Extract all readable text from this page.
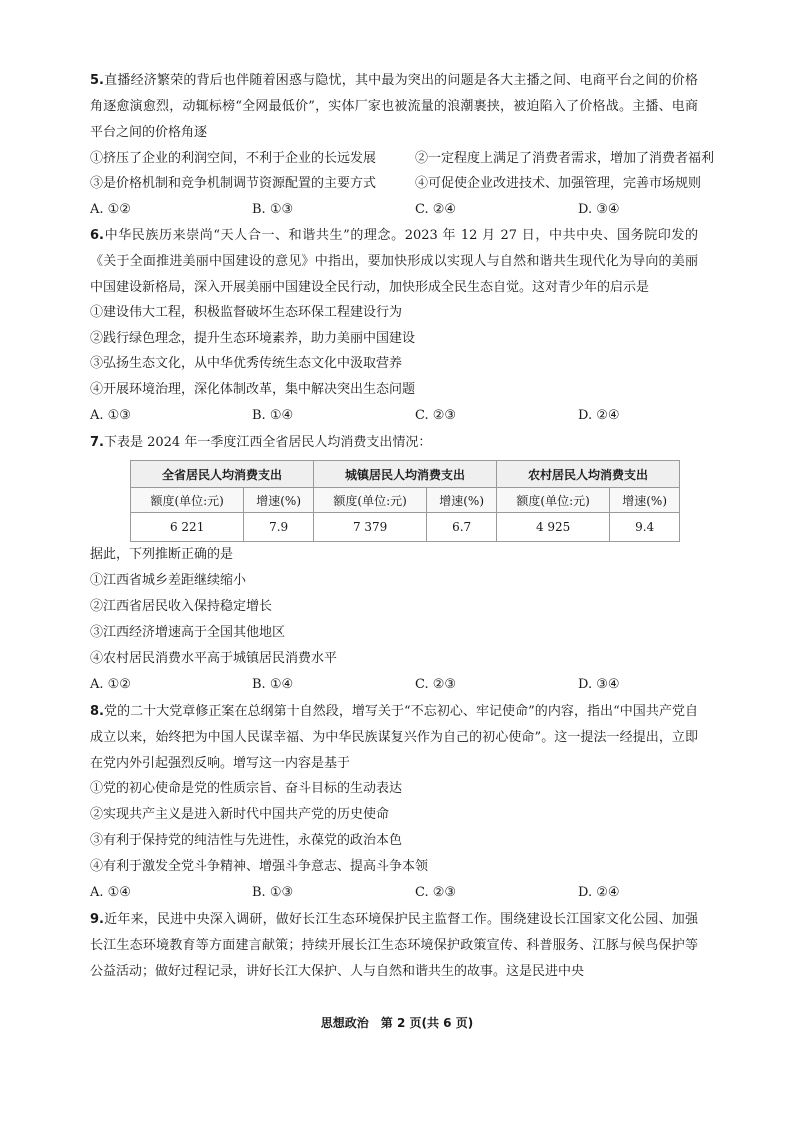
5.直播经济繁荣的背后也伴随着困惑与隐忧，其中最为突出的问题是各大主播之间、电商平台之间的价格角逐愈演愈烈，动辄标榜“全网最低价”，实体厂家也被流量的浪潮裹挟，被迫陷入了价格战。主播、电商平台之间的价格角逐
①挤压了企业的利润空间，不利于企业的长远发展	②一定程度上满足了消费者需求，增加了消费者福利
③是价格机制和竞争机制调节资源配置的主要方式	④可促使企业改进技术、加强管理，完善市场规则
A. ①②	B. ①③	C. ②④	D. ③④
6.中华民族历来崇尚“天人合一、和谐共生”的理念。2023 年 12 月 27 日，中共中央、国务院印发的《关于全面推进美丽中国建设的意见》中指出，要加快形成以实现人与自然和谐共生现代化为导向的美丽中国建设新格局，深入开展美丽中国建设全民行动，加快形成全民生态自觉。这对青少年的启示是
①建设伟大工程，积极监督破坏生态环保工程建设行为
②践行绿色理念，提升生态环境素养，助力美丽中国建设
③弘扬生态文化，从中华优秀传统生态文化中汲取营养
④开展环境治理，深化体制改革，集中解决突出生态问题
A. ①③	B. ①④	C. ②③	D. ②④
7.下表是 2024 年一季度江西全省居民人均消费支出情况：
全省居民人均消费支出		城镇居民人均消费支出		农村居民人均消费支出	
额度(单位:元)	增速(%)	额度(单位:元)	增速(%)	额度(单位:元)	增速(%)
6 221	7.9	7 379	6.7	4 925	9.4
据此，下列推断正确的是
①江西省城乡差距继续缩小
②江西省居民收入保持稳定增长
③江西经济增速高于全国其他地区
④农村居民消费水平高于城镇居民消费水平
A. ①②	B. ①④	C. ②③	D. ③④
8.党的二十大党章修正案在总纲第十自然段，增写关于“不忘初心、牢记使命”的内容，指出“中国共产党自成立以来，始终把为中国人民谋幸福、为中华民族谋复兴作为自己的初心使命”。这一提法一经提出，立即在党内外引起强烈反响。增写这一内容是基于
①党的初心使命是党的性质宗旨、奋斗目标的生动表达
②实现共产主义是进入新时代中国共产党的历史使命
③有利于保持党的纯洁性与先进性，永葆党的政治本色
④有利于激发全党斗争精神、增强斗争意志、提高斗争本领
A. ①④	B. ①③	C. ②③	D. ②④
9.近年来，民进中央深入调研，做好长江生态环境保护民主监督工作。围绕建设长江国家文化公园、加强长江生态环境教育等方面建言献策；持续开展长江生态环境保护政策宣传、科普服务、江豚与候鸟保护等公益活动；做好过程记录，讲好长江大保护、人与自然和谐共生的故事。这是民进中央
思想政治　第 2 页(共 6 页)
